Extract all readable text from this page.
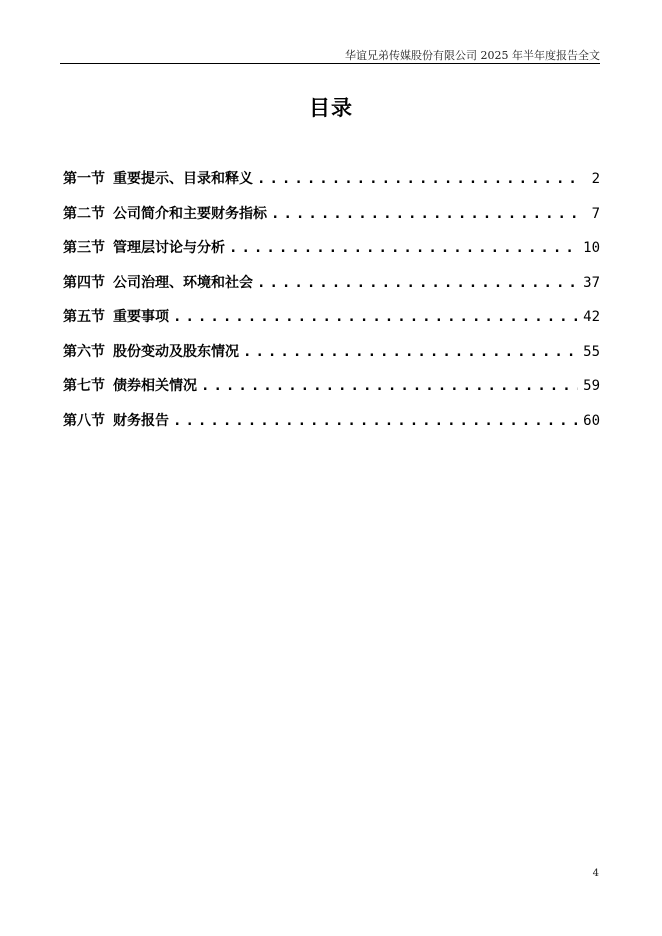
华谊兄弟传媒股份有限公司 2025 年半年度报告全文
目录
第一节 重要提示、目录和释义 . . .	2
第二节 公司简介和主要财务指标 . . .	7
第三节 管理层讨论与分析 . . .	10
第四节 公司治理、环境和社会 . . .	37
第五节 重要事项 . . .	42
第六节 股份变动及股东情况 . . .	55
第七节 债券相关情况 . . .	59
第八节 财务报告 . . .	60
4
